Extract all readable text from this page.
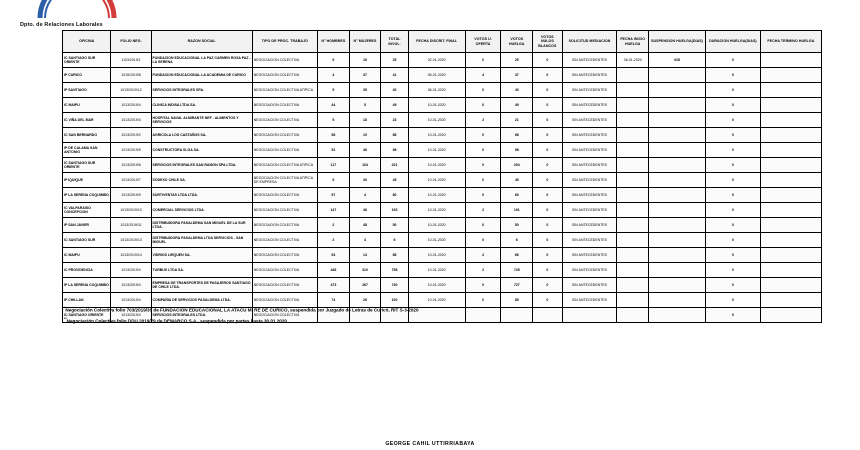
Dpto. de Relaciones Laborales
OFICINA	FOLIO NEG.	RAZON SOCIAL	TIPO DE PROC. TRABAJO	N° HOMBRES	N° MUJERES	TOTAL INVOL.	FECHA DISCRIT. FINAL	VOTOS U. OFERTA	VOTOS HUELGA	VOTOS NULOS BLANCOS	SOLICITUD MEDIACION	FECHA INICIO HUELGA	SUSPENSION HUELGA(DIAS)	DURACION HUELGA(DIAS)	FECHA TERMINO HUELGA
IC SANTIAGO SUR ORIENTE	1103/2019/1	FUNDACION EDUCACIONAL LA PAZ CARMEN ROSA PAZ - LA SERENA	NEGOCIACION COLECTIVA	9	16	25	02-01-2020	0	25	0	SIN ANTECEDENTES	06-01-2020	028	0	
IP CURICO	1015/2019/8	FUNDACION EDUCACIONAL LA ACADEMIA DE CURICO	NEGOCIACION COLECTIVA	4	37	41	06-01-2020	4	37	0	SIN ANTECEDENTES			0	
IP SANTIAGO	1013/2019/12	SERVICIOS INTEGRALES SPA.	NEGOCIACION COLECTIVA ATIPICA	5	35	40	06-01-2020	0	40	0	SIN ANTECEDENTES			0	
IC MAIPU	1013/2019/4	CLINICA INDISA LTDA SA.	NEGOCIACION COLECTIVA	44	5	49	10-01-2020	0	49	0	SIN ANTECEDENTES			0	
IC VIÑA DEL MAR	1013/2019/3	HOSPITAL NAVAL ALMIRANTE NEF - ALIMENTOS Y SERVICIOS	NEGOCIACION COLECTIVA	5	18	23	10-01-2020	2	21	0	SIN ANTECEDENTES			0	
IC SAN BERNARDO	1013/2019/2	AGRICOLA LOS CASTAÑOS SA.	NEGOCIACION COLECTIVA	58	10	68	10-01-2020	0	68	0	SIN ANTECEDENTES			0	
IP DE CALAMA SAN ANTONIO	1013/2019/5	CONSTRUCTORA SI-GA SA.	NEGOCIACION COLECTIVA	52	46	98	10-01-2020	0	98	0	SIN ANTECEDENTES			0	
IC SANTIAGO SUR ORIENTE	1013/2019/6	SERVICIOS INTEGRALES SAN RAMON SPA LTDA.	NEGOCIACION COLECTIVA ATIPICA	117	104	221	10-01-2020	0	204	0	SIN ANTECEDENTES			0	
IP IQUIQUE	1013/2019/7	SODEXO CHILE SA.	NEGOCIACION COLECTIVA ATIPICA DE EMPRESA	5	40	45	10-01-2020	0	45	0	SIN ANTECEDENTES			0	
IP LA SERENA COQUIMBO	1013/2019/9	SURTIVENTAS LTDA LTDA.	NEGOCIACION COLECTIVA	57	4	60	10-01-2020	0	60	0	SIN ANTECEDENTES			0	
IC VALPARAISO CONCEPCION	1013/2019/10	COMERCIAL SERVICIOS LTDA.	NEGOCIACION COLECTIVA	147	46	193	10-01-2020	2	191	0	SIN ANTECEDENTES			0	
IP SAN JAVIER	1013/2019/11	DISTRIBUIDORA PASALDEMA SAN MIGUEL DE LA SUR LTDA.	NEGOCIACION COLECTIVA	2	48	50	10-01-2020	0	50	0	SIN ANTECEDENTES			0	
IC SANTIAGO SUR	1013/2019/13	DISTRIBUIDORA PASALDEMA LTDA SERVICIOS - SAN MIGUEL	NEGOCIACION COLECTIVA	2	4	6	10-01-2020	0	6	0	SIN ANTECEDENTES			0	
IC MAIPU	1013/2019/14	VIDRIOS LIRQUEN SA.	NEGOCIACION COLECTIVA	54	14	68	10-01-2020	2	66	0	SIN ANTECEDENTES			0	
IC PROVIDENCIA	1013/2019/4	TURBUS LTDA SA.	NEGOCIACION COLECTIVA	448	310	758	10-01-2020	2	745	0	SIN ANTECEDENTES			0	
IP LA SERENA COQUIMBO	1013/2019/4	EMPRESA DE TRANSPORTES DE PASAJEROS SANTIAGO DE CHILE LTDA.	NEGOCIACION COLECTIVA	473	267	740	10-01-2020	0	727	0	SIN ANTECEDENTES			0	
IP CHILLAN	1013/2019/4	COMPAÑIA DE SERVICIOS PASALDEMA LTDA.	NEGOCIACION COLECTIVA	74	26	100	10-01-2020	0	85	0	SIN ANTECEDENTES			0	
IC SANTIAGO ORIENTE	1013/2019/4	SERVICIOS INTEGRALES LTDA.	NEGOCIACION COLECTIVA											0	
*Negociación Colectiva folio 703/2019/30 de FUNDACIÓN EDUCACIONAL LA ATACU MI RE DE CURICÓ, suspendida por Juzgado de Letras de Curicó, RIT S-3-2020
**Negociación Colectiva folio DDU 2019/79 de DEMARCO S.A., suspendida por partes hasta 30 01 2020
GEORGE CAHIL UTTIRRIABAYA
